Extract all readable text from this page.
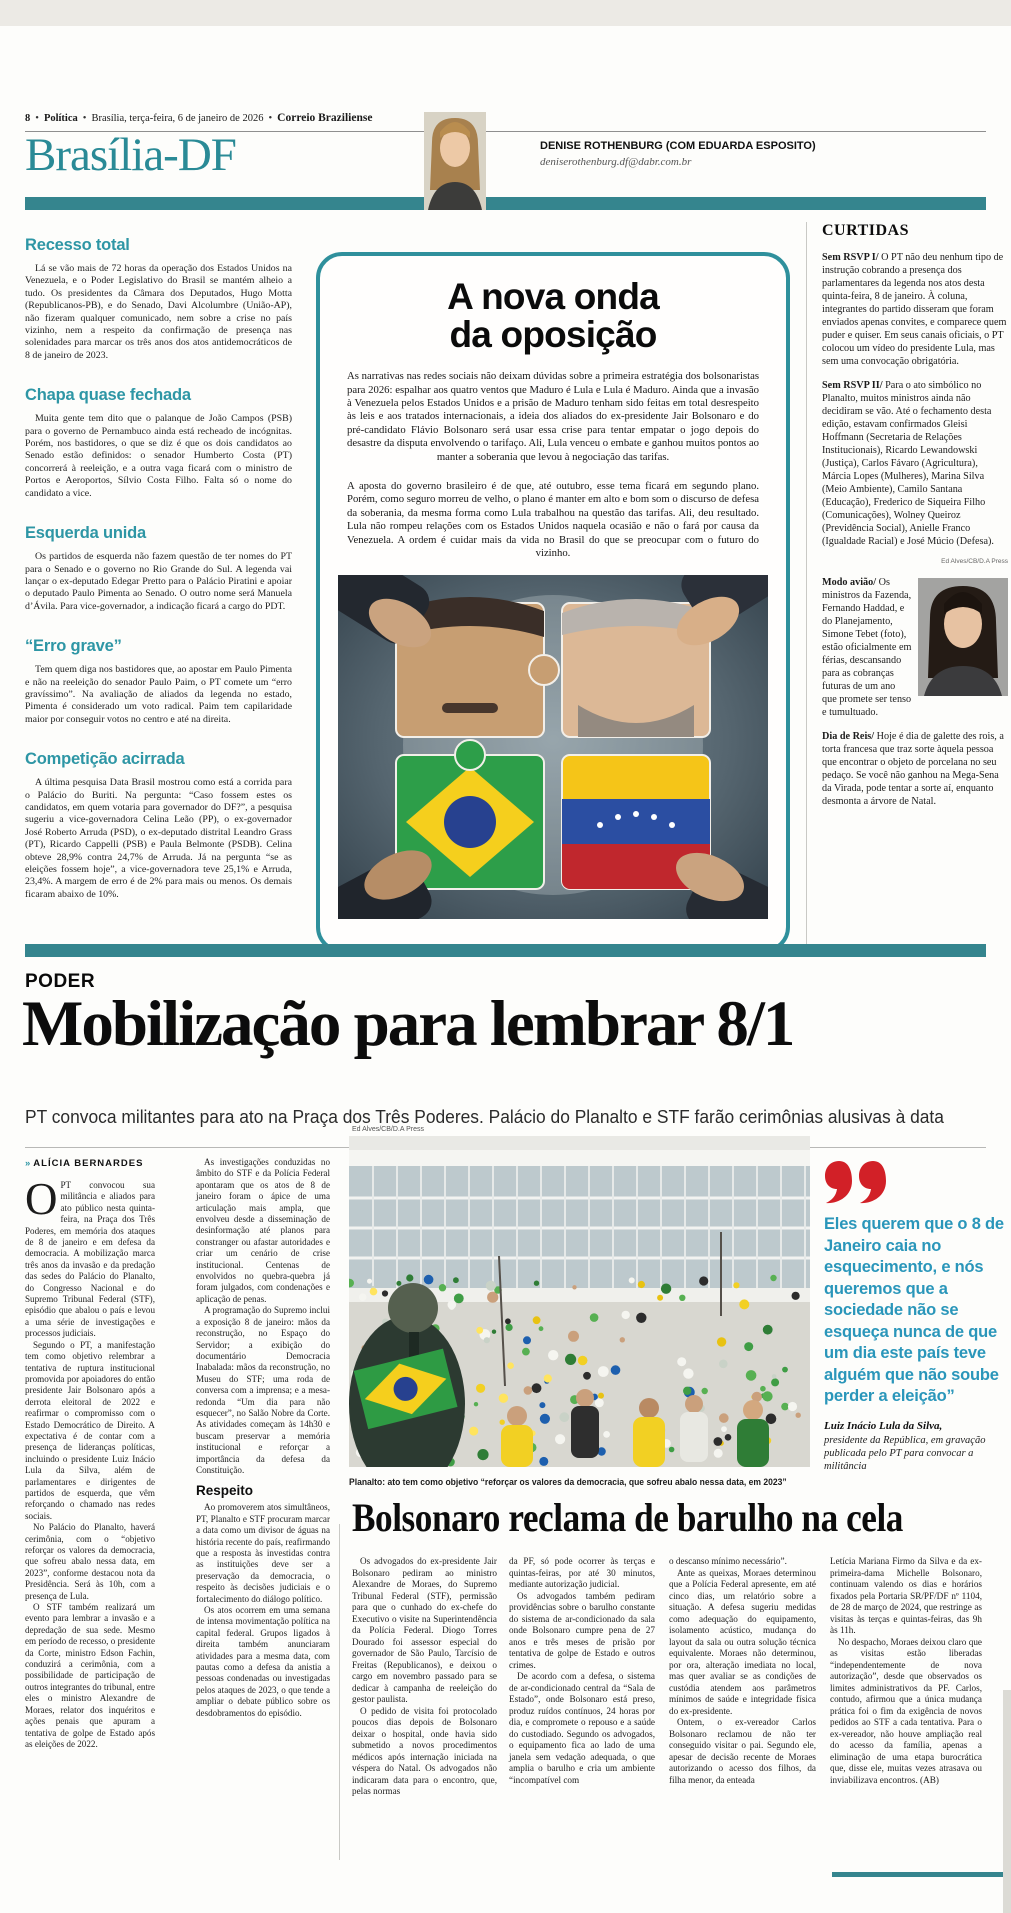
8 • Política • Brasília, terça-feira, 6 de janeiro de 2026 • Correio Braziliense
Brasília-DF	DENISE ROTHENBURG (COM EDUARDA ESPOSITO)
deniserothenburg.df@dabr.com.br
Recesso total

Lá se vão mais de 72 horas da operação dos Estados Unidos na Venezuela, e o Poder Legislativo do Brasil se mantém alheio a tudo. Os presidentes da Câmara dos Deputados, Hugo Motta (Republicanos-PB), e do Senado, Davi Alcolumbre (União-AP), não fizeram qualquer comunicado, nem sobre a crise no país vizinho, nem a respeito da confirmação de presença nas solenidades para marcar os três anos dos atos antidemocráticos de 8 de janeiro de 2023.

Chapa quase fechada

Muita gente tem dito que o palanque de João Campos (PSB) para o governo de Pernambuco ainda está recheado de incógnitas. Porém, nos bastidores, o que se diz é que os dois candidatos ao Senado estão definidos: o senador Humberto Costa (PT) concorrerá à reeleição, e a outra vaga ficará com o ministro de Portos e Aeroportos, Sílvio Costa Filho. Falta só o nome do candidato a vice.

Esquerda unida

Os partidos de esquerda não fazem questão de ter nomes do PT para o Senado e o governo no Rio Grande do Sul. A legenda vai lançar o ex-deputado Edegar Pretto para o Palácio Piratini e apoiar o deputado Paulo Pimenta ao Senado. O outro nome será Manuela d’Ávila. Para vice-governador, a indicação ficará a cargo do PDT.

“Erro grave”

Tem quem diga nos bastidores que, ao apostar em Paulo Pimenta e não na reeleição do senador Paulo Paim, o PT comete um “erro gravíssimo”. Na avaliação de aliados da legenda no estado, Pimenta é considerado um voto radical. Paim tem capilaridade maior por conseguir votos no centro e até na direita.

Competição acirrada

A última pesquisa Data Brasil mostrou como está a corrida para o Palácio do Buriti. Na pergunta: “Caso fossem estes os candidatos, em quem votaria para governador do DF?”, a pesquisa sugeriu a vice-governadora Celina Leão (PP), o ex-governador José Roberto Arruda (PSD), o ex-deputado distrital Leandro Grass (PT), Ricardo Cappelli (PSB) e Paula Belmonte (PSDB). Celina obteve 28,9% contra 24,7% de Arruda. Já na pergunta “se as eleições fossem hoje”, a vice-governadora teve 25,1% e Arruda, 23,4%. A margem de erro é de 2% para mais ou menos. Os demais ficaram abaixo de 10%.

A nova onda
da oposição

As narrativas nas redes sociais não deixam dúvidas sobre a primeira estratégia dos bolsonaristas para 2026: espalhar aos quatro ventos que Maduro é Lula e Lula é Maduro. Ainda que a invasão à Venezuela pelos Estados Unidos e a prisão de Maduro tenham sido feitas em total desrespeito às leis e aos tratados internacionais, a ideia dos aliados do ex-presidente Jair Bolsonaro e do pré-candidato Flávio Bolsonaro será usar essa crise para tentar empatar o jogo depois do desastre da disputa envolvendo o tarifaço. Ali, Lula venceu o embate e ganhou muitos pontos ao manter a soberania que levou à negociação das tarifas.

A aposta do governo brasileiro é de que, até outubro, esse tema ficará em segundo plano. Porém, como seguro morreu de velho, o plano é manter em alto e bom som o discurso de defesa da soberania, da mesma forma como Lula trabalhou na questão das tarifas. Ali, deu resultado. Lula não rompeu relações com os Estados Unidos naquela ocasião e não o fará por causa da Venezuela. A ordem é cuidar mais da vida no Brasil do que se preocupar com o futuro do vizinho.

CURTIDAS

Sem RSVP I/ O PT não deu nenhum tipo de instrução cobrando a presença dos parlamentares da legenda nos atos desta quinta-feira, 8 de janeiro. À coluna, integrantes do partido disseram que foram enviados apenas convites, e comparece quem puder e quiser. Em seus canais oficiais, o PT colocou um vídeo do presidente Lula, mas sem uma convocação obrigatória.

Sem RSVP II/ Para o ato simbólico no Planalto, muitos ministros ainda não decidiram se vão. Até o fechamento desta edição, estavam confirmados Gleisi Hoffmann (Secretaria de Relações Institucionais), Ricardo Lewandowski (Justiça), Carlos Fávaro (Agricultura), Márcia Lopes (Mulheres), Marina Silva (Meio Ambiente), Camilo Santana (Educação), Frederico de Siqueira Filho (Comunicações), Wolney Queiroz (Previdência Social), Anielle Franco (Igualdade Racial) e José Múcio (Defesa).

Ed Alves/CB/D.A Press

Modo avião/ Os ministros da Fazenda, Fernando Haddad, e do Planejamento, Simone Tebet (foto), estão oficialmente em férias, descansando para as cobranças futuras de um ano que promete ser tenso e tumultuado.

Dia de Reis/ Hoje é dia de galette des rois, a torta francesa que traz sorte àquela pessoa que encontrar o objeto de porcelana no seu pedaço. Se você não ganhou na Mega-Sena da Virada, pode tentar a sorte aí, enquanto desmonta a árvore de Natal.

PODER
Mobilização para lembrar 8/1
PT convoca militantes para ato na Praça dos Três Poderes. Palácio do Planalto e STF farão cerimônias alusivas à data
» ALÍCIA BERNARDES

OPT convocou sua militância e aliados para ato público nesta quinta-feira, na Praça dos Três Poderes, em memória dos ataques de 8 de janeiro e em defesa da democracia. A mobilização marca três anos da invasão e da predação das sedes do Palácio do Planalto, do Congresso Nacional e do Supremo Tribunal Federal (STF), episódio que abalou o país e levou a uma série de investigações e processos judiciais.

Segundo o PT, a manifestação tem como objetivo relembrar a tentativa de ruptura institucional promovida por apoiadores do então presidente Jair Bolsonaro após a derrota eleitoral de 2022 e reafirmar o compromisso com o Estado Democrático de Direito. A expectativa é de contar com a presença de lideranças políticas, incluindo o presidente Luiz Inácio Lula da Silva, além de parlamentares e dirigentes de partidos de esquerda, que vêm reforçando o chamado nas redes sociais.

No Palácio do Planalto, haverá cerimônia, com o “objetivo reforçar os valores da democracia, que sofreu abalo nessa data, em 2023”, conforme destacou nota da Presidência. Será às 10h, com a presença de Lula.

O STF também realizará um evento para lembrar a invasão e a depredação de sua sede. Mesmo em período de recesso, o presidente da Corte, ministro Edson Fachin, conduzirá a cerimônia, com a possibilidade de participação de outros integrantes do tribunal, entre eles o ministro Alexandre de Moraes, relator dos inquéritos e ações penais que apuram a tentativa de golpe de Estado após as eleições de 2022.

As investigações conduzidas no âmbito do STF e da Polícia Federal apontaram que os atos de 8 de janeiro foram o ápice de uma articulação mais ampla, que envolveu desde a disseminação de desinformação até planos para constranger ou afastar autoridades e criar um cenário de crise institucional. Centenas de envolvidos no quebra-quebra já foram julgados, com condenações e aplicação de penas.

A programação do Supremo inclui a exposição 8 de janeiro: mãos da reconstrução, no Espaço do Servidor; a exibição do documentário Democracia Inabalada: mãos da reconstrução, no Museu do STF; uma roda de conversa com a imprensa; e a mesa-redonda “Um dia para não esquecer”, no Salão Nobre da Corte. As atividades começam às 14h30 e buscam preservar a memória institucional e reforçar a importância da defesa da Constituição.

Respeito

Ao promoverem atos simultâneos, PT, Planalto e STF procuram marcar a data como um divisor de águas na história recente do país, reafirmando que a resposta às investidas contra as instituições deve ser a preservação da democracia, o respeito às decisões judiciais e o fortalecimento do diálogo político.

Os atos ocorrem em uma semana de intensa movimentação política na capital federal. Grupos ligados à direita também anunciaram atividades para a mesma data, com pautas como a defesa da anistia a pessoas condenadas ou investigadas pelos ataques de 2023, o que tende a ampliar o debate público sobre os desdobramentos do episódio.

Ed Alves/CB/D.A Press
Planalto: ato tem como objetivo “reforçar os valores da democracia, que sofreu abalo nessa data, em 2023”
Eles querem que o 8 de Janeiro caia no esquecimento, e nós queremos que a sociedade não se esqueça nunca de que um dia este país teve alguém que não soube perder a eleição”
Luiz Inácio Lula da Silva,
presidente da República, em gravação publicada pelo PT para convocar a militância
Bolsonaro reclama de barulho na cela

Os advogados do ex-presidente Jair Bolsonaro pediram ao ministro Alexandre de Moraes, do Supremo Tribunal Federal (STF), permissão para que o cunhado do ex-chefe do Executivo o visite na Superintendência da Polícia Federal. Diogo Torres Dourado foi assessor especial do governador de São Paulo, Tarcísio de Freitas (Republicanos), e deixou o cargo em novembro passado para se dedicar à campanha de reeleição do gestor paulista.

O pedido de visita foi protocolado poucos dias depois de Bolsonaro deixar o hospital, onde havia sido submetido a novos procedimentos médicos após internação iniciada na véspera do Natal. Os advogados não indicaram data para o encontro, que, pelas normas

da PF, só pode ocorrer às terças e quintas-feiras, por até 30 minutos, mediante autorização judicial.

Os advogados também pediram providências sobre o barulho constante do sistema de ar-condicionado da sala onde Bolsonaro cumpre pena de 27 anos e três meses de prisão por tentativa de golpe de Estado e outros crimes.

De acordo com a defesa, o sistema de ar-condicionado central da “Sala de Estado”, onde Bolsonaro está preso, produz ruídos contínuos, 24 horas por dia, e compromete o repouso e a saúde do custodiado. Segundo os advogados, o equipamento fica ao lado de uma janela sem vedação adequada, o que amplia o barulho e cria um ambiente “incompatível com

o descanso mínimo necessário”.

Ante as queixas, Moraes determinou que a Polícia Federal apresente, em até cinco dias, um relatório sobre a situação. A defesa sugeriu medidas como adequação do equipamento, isolamento acústico, mudança do layout da sala ou outra solução técnica equivalente. Moraes não determinou, por ora, alteração imediata no local, mas quer avaliar se as condições de custódia atendem aos parâmetros mínimos de saúde e integridade física do ex-presidente.

Ontem, o ex-vereador Carlos Bolsonaro reclamou de não ter conseguido visitar o pai. Segundo ele, apesar de decisão recente de Moraes autorizando o acesso dos filhos, da filha menor, da enteada

Letícia Mariana Firmo da Silva e da ex-primeira-dama Michelle Bolsonaro, continuam valendo os dias e horários fixados pela Portaria SR/PF/DF nº 1104, de 28 de março de 2024, que restringe as visitas às terças e quintas-feiras, das 9h às 11h.

No despacho, Moraes deixou claro que as visitas estão liberadas “independentemente de nova autorização”, desde que observados os limites administrativos da PF. Carlos, contudo, afirmou que a única mudança prática foi o fim da exigência de novos pedidos ao STF a cada tentativa. Para o ex-vereador, não houve ampliação real do acesso da família, apenas a eliminação de uma etapa burocrática que, disse ele, muitas vezes atrasava ou inviabilizava encontros. (AB)
